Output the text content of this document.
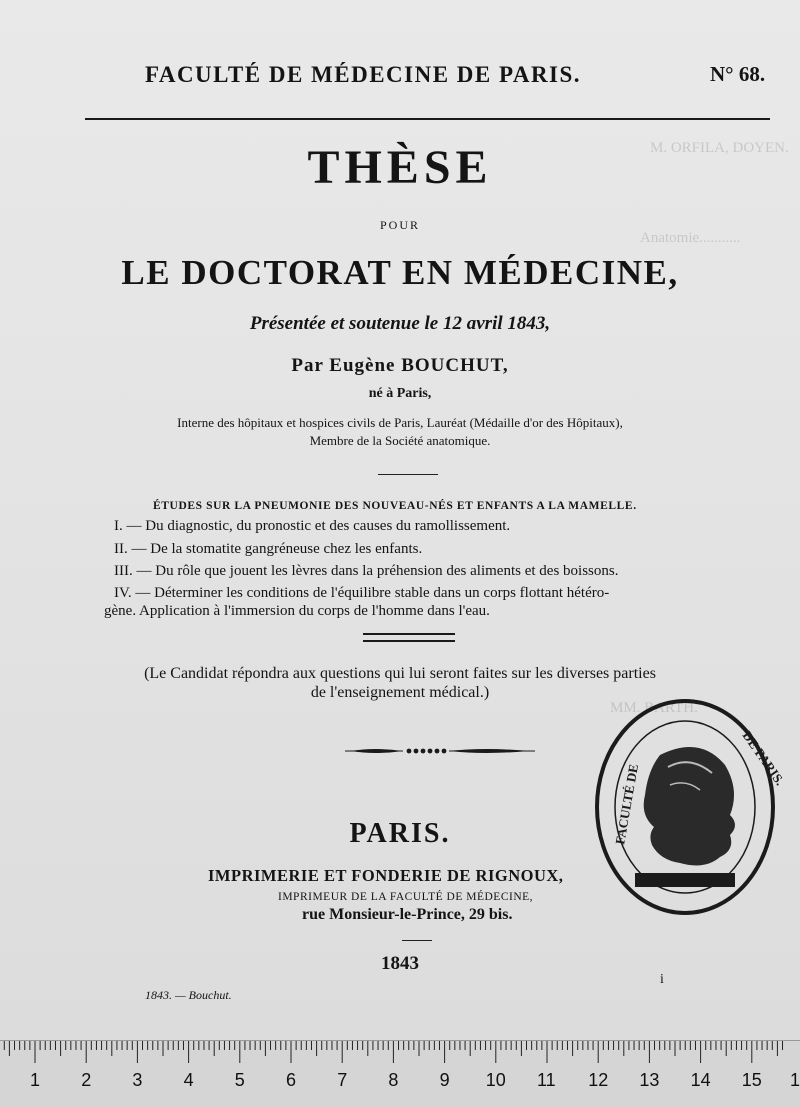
M. ORFILA, DOYEN.
Anatomie...........
MM. BARTH.
FACULTÉ DE MÉDECINE DE PARIS.	N° 68.
THÈSE
POUR
LE DOCTORAT EN MÉDECINE,
Présentée et soutenue le 12 avril 1843,
Par Eugène BOUCHUT,
né à Paris,
Interne des hôpitaux et hospices civils de Paris, Lauréat (Médaille d'or des Hôpitaux),
Membre de la Société anatomique.
ÉTUDES SUR LA PNEUMONIE DES NOUVEAU-NÉS ET ENFANTS A LA MAMELLE.
I. — Du diagnostic, du pronostic et des causes du ramollissement.
II. — De la stomatite gangréneuse chez les enfants.
III. — Du rôle que jouent les lèvres dans la préhension des aliments et des boissons.
IV. — Déterminer les conditions de l'équilibre stable dans un corps flottant hétéro-
gène. Application à l'immersion du corps de l'homme dans l'eau.
(Le Candidat répondra aux questions qui lui seront faites sur les diverses parties
de l'enseignement médical.)
PARIS.
IMPRIMERIE ET FONDERIE DE RIGNOUX,
IMPRIMEUR DE LA FACULTÉ DE MÉDECINE,
rue Monsieur-le-Prince, 29 bis.
1843
1843. — Bouchut.
i
FACULTÉ DE
DE PARIS.
1 2 3 4 5 6 7 8 9 10 11 12 13 14 15 1
